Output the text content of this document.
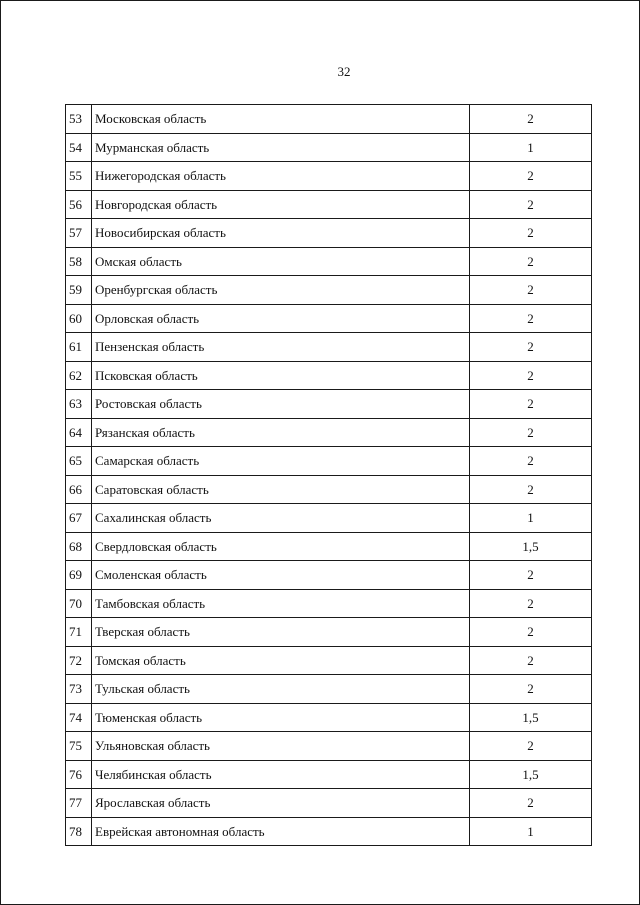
32
53	Московская область	2
54	Мурманская область	1
55	Нижегородская область	2
56	Новгородская область	2
57	Новосибирская область	2
58	Омская область	2
59	Оренбургская область	2
60	Орловская область	2
61	Пензенская область	2
62	Псковская область	2
63	Ростовская область	2
64	Рязанская область	2
65	Самарская область	2
66	Саратовская область	2
67	Сахалинская область	1
68	Свердловская область	1,5
69	Смоленская область	2
70	Тамбовская область	2
71	Тверская область	2
72	Томская область	2
73	Тульская область	2
74	Тюменская область	1,5
75	Ульяновская область	2
76	Челябинская область	1,5
77	Ярославская область	2
78	Еврейская автономная область	1
